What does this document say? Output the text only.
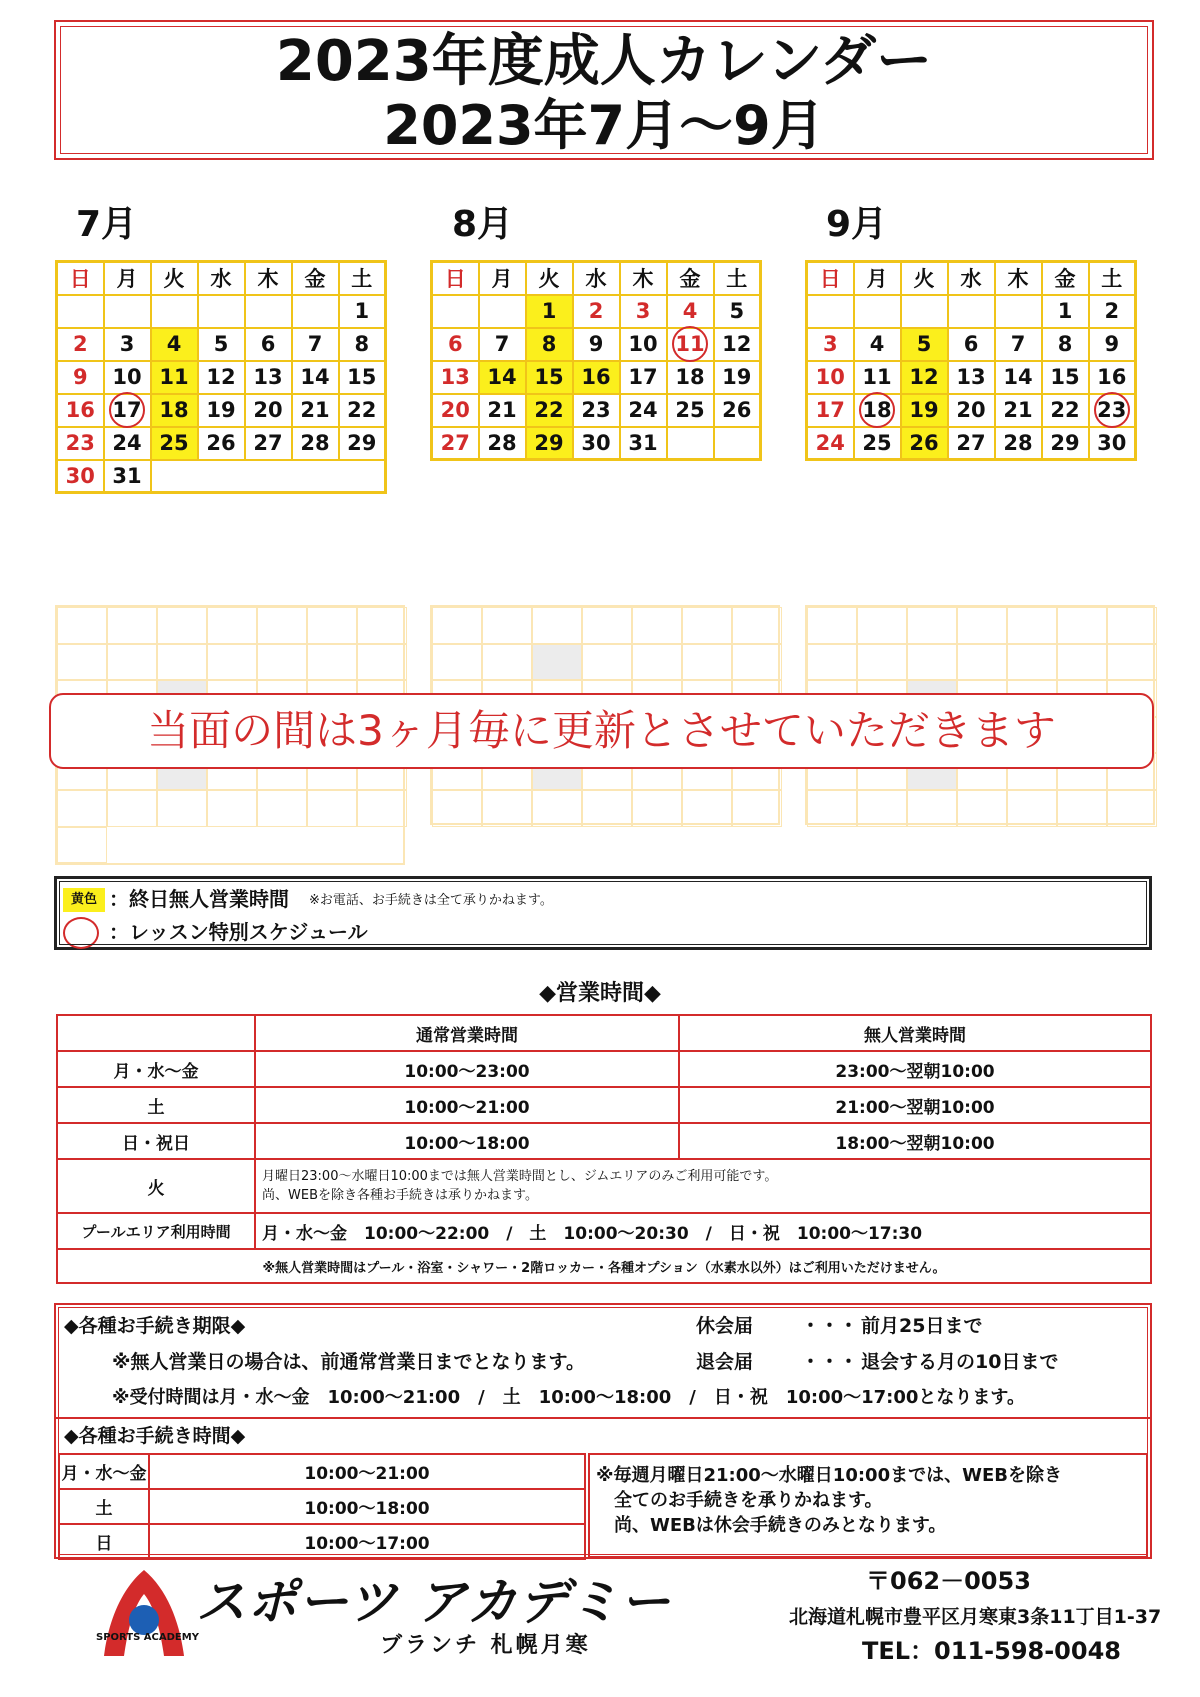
2023年度成人カレンダー
2023年7月～9月
7月	8月	9月
日	月	火	水	木	金	土
						1
2	3	4	5	6	7	8
9	10	11	12	13	14	15
16	17	18	19	20	21	22
23	24	25	26	27	28	29
30	31					
日	月	火	水	木	金	土
		1	2	3	4	5
6	7	8	9	10	11	12
13	14	15	16	17	18	19
20	21	22	23	24	25	26
27	28	29	30	31		
日	月	火	水	木	金	土
					1	2
3	4	5	6	7	8	9
10	11	12	13	14	15	16
17	18	19	20	21	22	23

24	25	26	27	28	29	30
当面の間は3ヶ月毎に更新とさせていただきます
黄色 ：終日無人営業時間 ※お電話、お手続きは全て承りかねます。
：レッスン特別スケジュール
◆営業時間◆
	通常営業時間	無人営業時間
月・水～金	10:00～23:00	23:00～翌朝10:00
土	10:00～21:00	21:00～翌朝10:00
日・祝日	10:00～18:00	18:00～翌朝10:00
火	月曜日23:00～水曜日10:00までは無人営業時間とし、ジムエリアのみご利用可能です。
尚、WEBを除き各種お手続きは承りかねます。	

プールエリア利用時間	月・水～金　10:00～22:00　/　土　10:00～20:30　/　日・祝　10:00～17:30	
※無人営業時間はプール・浴室・シャワー・2階ロッカー・各種オプション（水素水以外）はご利用いただけません。		
◆各種お手続き期限◆
※無人営業日の場合は、前通常営業日までとなります。
※受付時間は月・水～金　10:00～21:00　/　土　10:00～18:00　/　日・祝　10:00～17:00となります。
休会届	・・・ 前月25日まで
退会届	・・・ 退会する月の10日まで
◆各種お手続き時間◆
月・水～金	10:00～21:00
土	10:00～18:00
日	10:00～17:00
※毎週月曜日21:00～水曜日10:00までは、WEBを除き
全てのお手続きを承りかねます。
尚、WEBは休会手続きのみとなります。
SPORTS ACADEMY
スポーツ アカデミー
ブランチ 札幌月寒
〒062－0053
北海道札幌市豊平区月寒東3条11丁目1-37
TEL：011-598-0048
